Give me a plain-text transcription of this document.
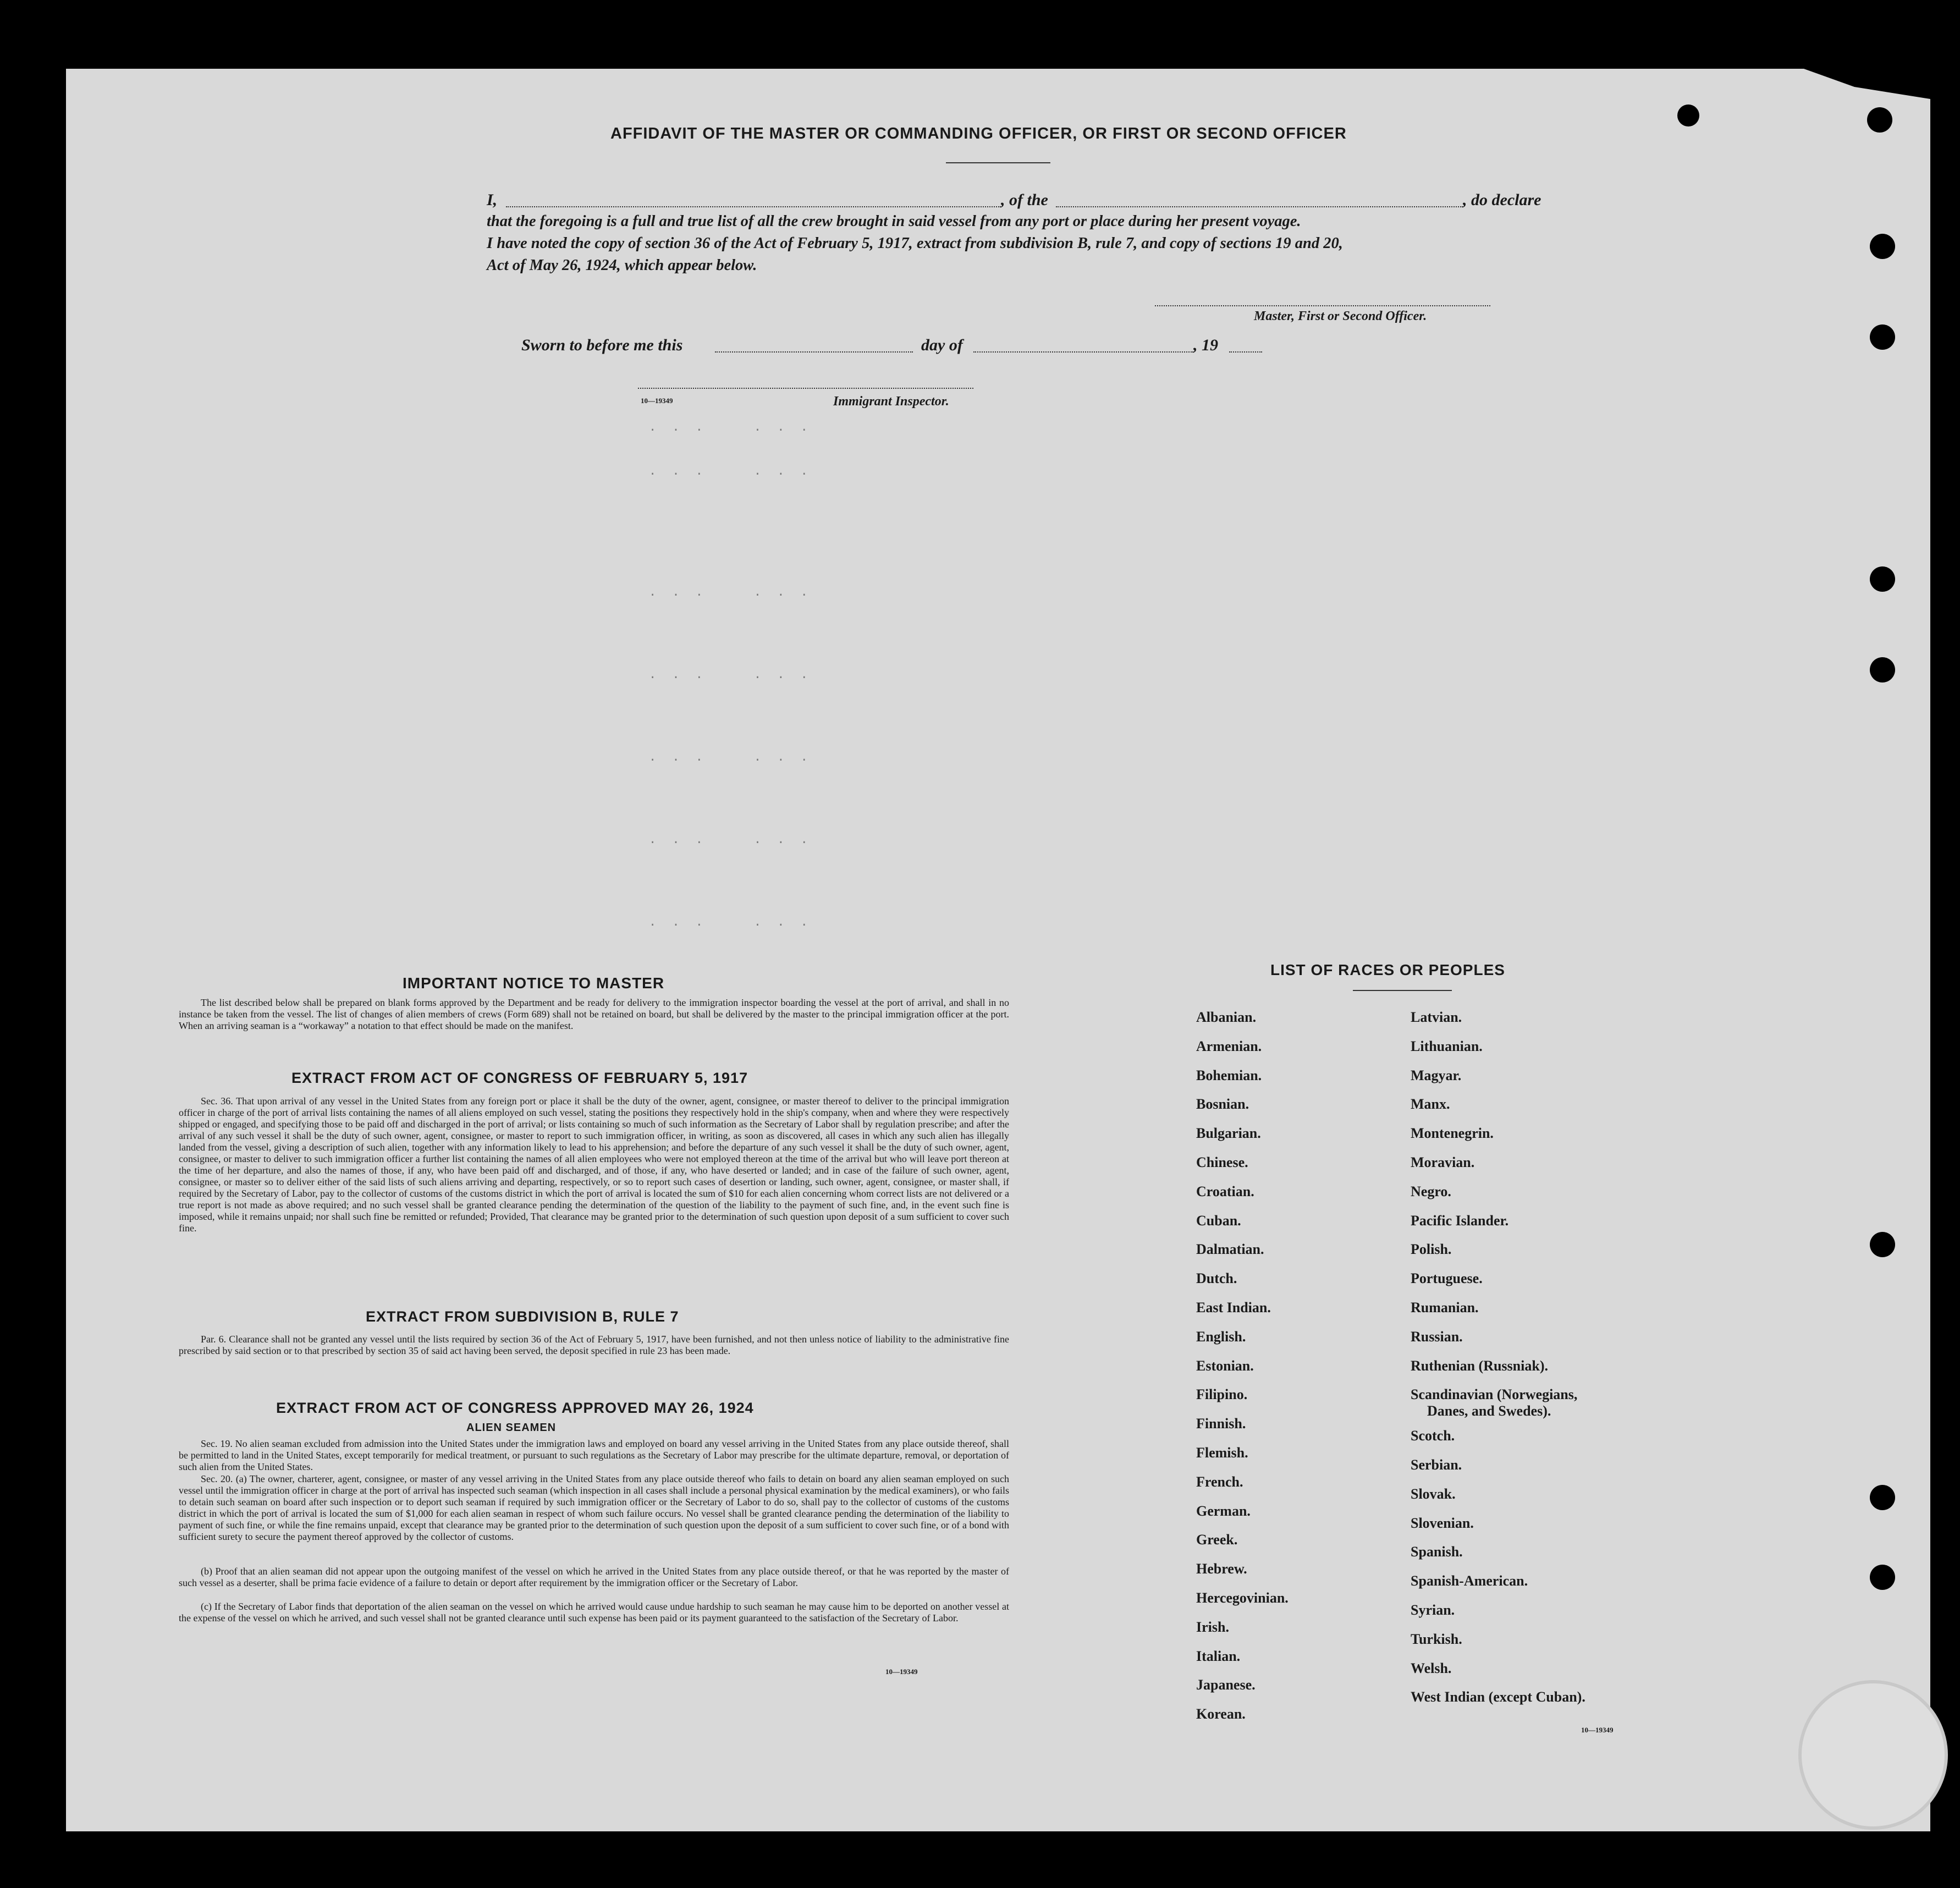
. . .    . . .
. . .    . . .
. . .    . . .
. . .    . . .
. . .    . . .
. . .    . . .
. . .    . . .
AFFIDAVIT OF THE MASTER OR COMMANDING OFFICER, OR FIRST OR SECOND OFFICER
I,	, of the	, do declare
that the foregoing is a full and true list of all the crew brought in said vessel from any port or place during her present voyage.
I have noted the copy of section 36 of the Act of February 5, 1917, extract from subdivision B, rule 7, and copy of sections 19 and 20,
Act of May 26, 1924, which appear below.
Master, First or Second Officer.
Sworn to before me this	day of	, 19
10—19349	Immigrant Inspector.
IMPORTANT NOTICE TO MASTER
The list described below shall be prepared on blank forms approved by the Department and be ready for delivery to the immigration inspector boarding the vessel at the port of arrival, and shall in no instance be taken from the vessel. The list of changes of alien members of crews (Form 689) shall not be retained on board, but shall be delivered by the master to the principal immigration officer at the port. When an arriving seaman is a “workaway” a notation to that effect should be made on the manifest.
EXTRACT FROM ACT OF CONGRESS OF FEBRUARY 5, 1917
Sec. 36. That upon arrival of any vessel in the United States from any foreign port or place it shall be the duty of the owner, agent, consignee, or master thereof to deliver to the principal immigration officer in charge of the port of arrival lists containing the names of all aliens employed on such vessel, stating the positions they respectively hold in the ship's company, when and where they were respectively shipped or engaged, and specifying those to be paid off and discharged in the port of arrival; or lists containing so much of such information as the Secretary of Labor shall by regulation prescribe; and after the arrival of any such vessel it shall be the duty of such owner, agent, consignee, or master to report to such immigration officer, in writing, as soon as discovered, all cases in which any such alien has illegally landed from the vessel, giving a description of such alien, together with any information likely to lead to his apprehension; and before the departure of any such vessel it shall be the duty of such owner, agent, consignee, or master to deliver to such immigration officer a further list containing the names of all alien employees who were not employed thereon at the time of the arrival but who will leave port thereon at the time of her departure, and also the names of those, if any, who have been paid off and discharged, and of those, if any, who have deserted or landed; and in case of the failure of such owner, agent, consignee, or master so to deliver either of the said lists of such aliens arriving and departing, respectively, or so to report such cases of desertion or landing, such owner, agent, consignee, or master shall, if required by the Secretary of Labor, pay to the collector of customs of the customs district in which the port of arrival is located the sum of $10 for each alien concerning whom correct lists are not delivered or a true report is not made as above required; and no such vessel shall be granted clearance pending the determination of the question of the liability to the payment of such fine, and, in the event such fine is imposed, while it remains unpaid; nor shall such fine be remitted or refunded; Provided, That clearance may be granted prior to the determination of such question upon deposit of a sum sufficient to cover such fine.
EXTRACT FROM SUBDIVISION B, RULE 7
Par. 6. Clearance shall not be granted any vessel until the lists required by section 36 of the Act of February 5, 1917, have been furnished, and not then unless notice of liability to the administrative fine prescribed by said section or to that prescribed by section 35 of said act having been served, the deposit specified in rule 23 has been made.
EXTRACT FROM ACT OF CONGRESS APPROVED MAY 26, 1924
ALIEN SEAMEN
Sec. 19. No alien seaman excluded from admission into the United States under the immigration laws and employed on board any vessel arriving in the United States from any place outside thereof, shall be permitted to land in the United States, except temporarily for medical treatment, or pursuant to such regulations as the Secretary of Labor may prescribe for the ultimate departure, removal, or deportation of such alien from the United States.
Sec. 20. (a) The owner, charterer, agent, consignee, or master of any vessel arriving in the United States from any place outside thereof who fails to detain on board any alien seaman employed on such vessel until the immigration officer in charge at the port of arrival has inspected such seaman (which inspection in all cases shall include a personal physical examination by the medical examiners), or who fails to detain such seaman on board after such inspection or to deport such seaman if required by such immigration officer or the Secretary of Labor to do so, shall pay to the collector of customs of the customs district in which the port of arrival is located the sum of $1,000 for each alien seaman in respect of whom such failure occurs. No vessel shall be granted clearance pending the determination of the liability to payment of such fine, or while the fine remains unpaid, except that clearance may be granted prior to the determination of such question upon the deposit of a sum sufficient to cover such fine, or of a bond with sufficient surety to secure the payment thereof approved by the collector of customs.
(b) Proof that an alien seaman did not appear upon the outgoing manifest of the vessel on which he arrived in the United States from any place outside thereof, or that he was reported by the master of such vessel as a deserter, shall be prima facie evidence of a failure to detain or deport after requirement by the immigration officer or the Secretary of Labor.
(c) If the Secretary of Labor finds that deportation of the alien seaman on the vessel on which he arrived would cause undue hardship to such seaman he may cause him to be deported on another vessel at the expense of the vessel on which he arrived, and such vessel shall not be granted clearance until such expense has been paid or its payment guaranteed to the satisfaction of the Secretary of Labor.
10—19349
LIST OF RACES OR PEOPLES
10—19349
Albanian.
Armenian.
Bohemian.
Bosnian.
Bulgarian.
Chinese.
Croatian.
Cuban.
Dalmatian.
Dutch.
East Indian.
English.
Estonian.
Filipino.
Finnish.
Flemish.
French.
German.
Greek.
Hebrew.
Hercegovinian.
Irish.
Italian.
Japanese.
Korean.
Latvian.
Lithuanian.
Magyar.
Manx.
Montenegrin.
Moravian.
Negro.
Pacific Islander.
Polish.
Portuguese.
Rumanian.
Russian.
Ruthenian (Russniak).
Scandinavian (Norwegians,
Danes, and Swedes).
Scotch.
Serbian.
Slovak.
Slovenian.
Spanish.
Spanish-American.
Syrian.
Turkish.
Welsh.
West Indian (except Cuban).
